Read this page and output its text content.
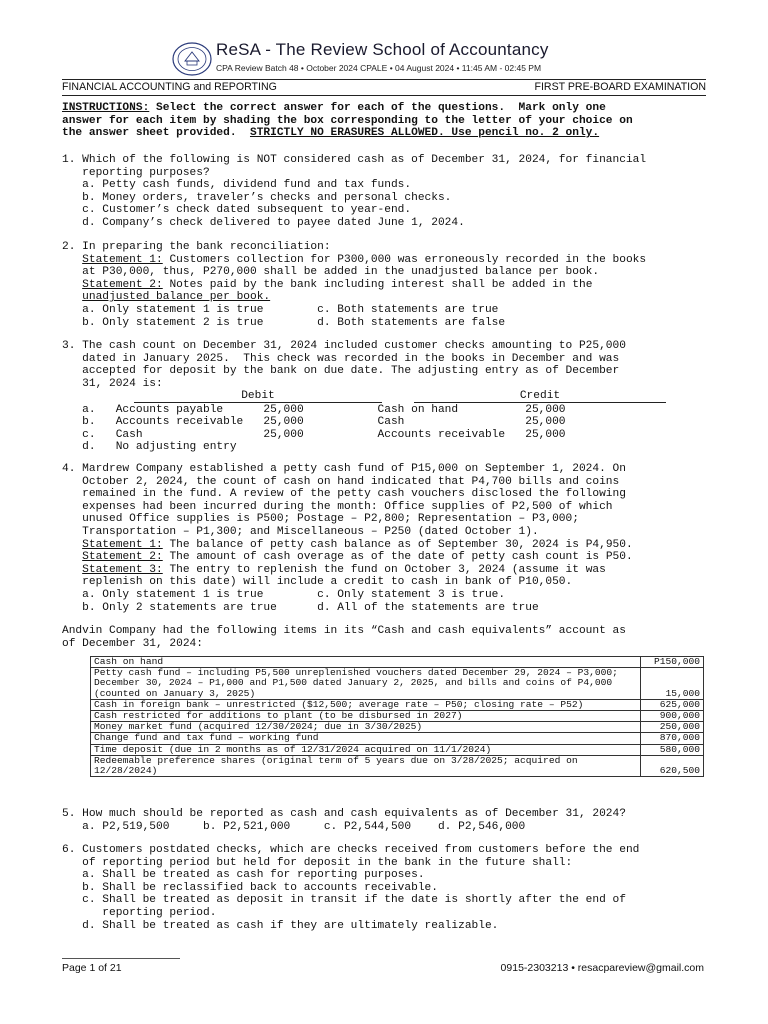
ReSA - The Review School of Accountancy
CPA Review Batch 48 • October 2024 CPALE • 04 August 2024 • 11:45 AM - 02:45 PM
FINANCIAL ACCOUNTING and REPORTING	FIRST PRE-BOARD EXAMINATION
INSTRUCTIONS: Select the correct answer for each of the questions.  Mark only one
answer for each item by shading the box corresponding to the letter of your choice on
the answer sheet provided.  STRICTLY NO ERASURES ALLOWED. Use pencil no. 2 only.
1. Which of the following is NOT considered cash as of December 31, 2024, for financial
reporting purposes?
a. Petty cash funds, dividend fund and tax funds.
b. Money orders, traveler’s checks and personal checks.
c. Customer’s check dated subsequent to year-end.
d. Company’s check delivered to payee dated June 1, 2024.
2. In preparing the bank reconciliation:
Statement 1: Customers collection for P300,000 was erroneously recorded in the books
at P30,000, thus, P270,000 shall be added in the unadjusted balance per book.
Statement 2: Notes paid by the bank including interest shall be added in the
unadjusted balance per book.
a. Only statement 1 is true        c. Both statements are true
b. Only statement 2 is true        d. Both statements are false
3. The cash count on December 31, 2024 included customer checks amounting to P25,000
dated in January 2025.  This check was recorded in the books in December and was
accepted for deposit by the bank on due date. The adjusting entry as of December
31, 2024 is:
Debit	Credit
a.   Accounts payable      25,000           Cash on hand          25,000
b.   Accounts receivable   25,000           Cash                  25,000
c.   Cash                  25,000           Accounts receivable   25,000
d.   No adjusting entry
4. Mardrew Company established a petty cash fund of P15,000 on September 1, 2024. On
October 2, 2024, the count of cash on hand indicated that P4,700 bills and coins
remained in the fund. A review of the petty cash vouchers disclosed the following
expenses had been incurred during the month: Office supplies of P2,500 of which
unused Office supplies is P500; Postage – P2,800; Representation – P3,000;
Transportation – P1,300; and Miscellaneous – P250 (dated October 1).
Statement 1: The balance of petty cash balance as of September 30, 2024 is P4,950.
Statement 2: The amount of cash overage as of the date of petty cash count is P50.
Statement 3: The entry to replenish the fund on October 3, 2024 (assume it was
replenish on this date) will include a credit to cash in bank of P10,050.
a. Only statement 1 is true        c. Only statement 3 is true.
b. Only 2 statements are true      d. All of the statements are true
Andvin Company had the following items in its “Cash and cash equivalents” account as
of December 31, 2024:
5. How much should be reported as cash and cash equivalents as of December 31, 2024?
a. P2,519,500     b. P2,521,000     c. P2,544,500    d. P2,546,000
6. Customers postdated checks, which are checks received from customers before the end
of reporting period but held for deposit in the bank in the future shall:
a. Shall be treated as cash for reporting purposes.
b. Shall be reclassified back to accounts receivable.
c. Shall be treated as deposit in transit if the date is shortly after the end of
reporting period.
d. Shall be treated as cash if they are ultimately realizable.
Cash on hand	P150,000
Petty cash fund – including P5,500 unreplenished vouchers dated December 29, 2024 – P3,000; December 30, 2024 – P1,000 and P1,500 dated January 2, 2025, and bills and coins of P4,000 (counted on January 3, 2025)	15,000
Cash in foreign bank – unrestricted ($12,500; average rate – P50; closing rate – P52)	625,000
Cash restricted for additions to plant (to be disbursed in 2027)	900,000
Money market fund (acquired 12/30/2024; due in 3/30/2025)	250,000
Change fund and tax fund – working fund	870,000
Time deposit (due in 2 months as of 12/31/2024 acquired on 11/1/2024)	580,000
Redeemable preference shares (original term of 5 years due on 3/28/2025; acquired on 12/28/2024)	620,500
Page 1 of 21	0915-2303213 • resacpareview@gmail.com
